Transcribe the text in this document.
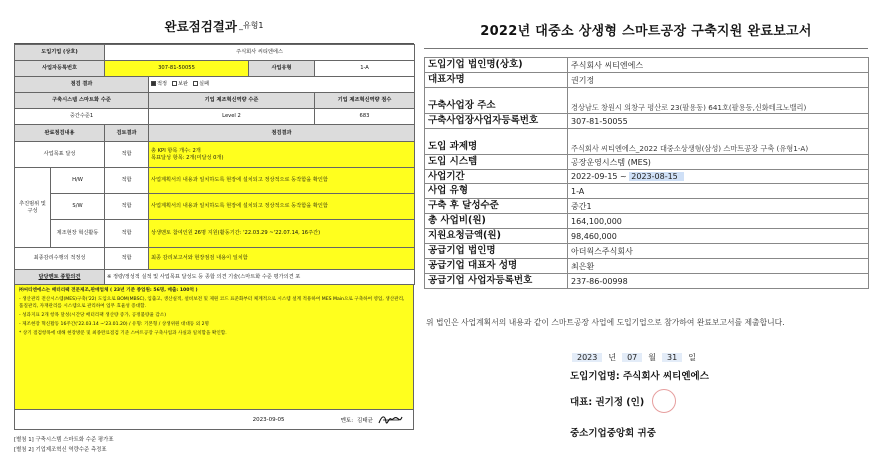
완료점검결과 _유형1
도입기업 (상호)		주식회사 씨티엔에스			
사업자등록번호		307-81-50055		사업유형	1-A
점검 결과			적정 보완 실패		
구축시스템 스마트화 수준			기업 제조혁신역량 수준		기업 제조혁신역량 점수
중간수준1			Level 2		683
완료점검내용		검토결과	점검결과		
사업목표 달성		적합	총 KPI 항목 개수: 2개
목표달성 항목: 2개(미달성 0개)		

추진범위 및 구성	H/W	적합	사업계획서의 내용과 일치하도록 현장에 설치되고 정상적으로 동작함을 확인함		
	S/W	적합	사업계획서의 내용과 일치하도록 현장에 설치되고 정상적으로 동작함을 확인함		
	제조현장 혁신활동	적합	상생멘토 참여인원 26명 지원(활동기간: '22.03.29 ~'22.07.14, 16주간)		
최종감리수행의 적정성		적합	최종 감리보고서와 현장점검 내용이 일치함		
담당멘토 종합의견		※ 정량/정성적 실적 및 사업목표 달성도 등 종합 의견 기술(스마트화 수준 평가의견 포			

㈜씨티엔에스는 배터리팩 전문제조,판매업체 ( 23년 기준 종업원: 56명, 매출: 100억 )

- 생산관리 전산시스템(MES)구축('22) 도입으로 BOM(MBSC), 입출고, 생산실적, 설비보전 및 제원 코드 표준화부터 체계적으로 시스템 설계 적용하여 MES Main으로 구축하여 영업, 생산관리, 품질관리, 자재관리를 시스템으로 관리하여 업무 효율성 증대함.

- 성과지표 2개 항목 달성(시간당 배터리팩 생산량 증가, 공정불량율 감소)

- 제조현장 혁신활동 16주간('22.03.14 ~'23.01.20) / 유형: 기본형 / 상생위원 대대등 외 2명

* 상기 점검항목에 대해 현장방문 및 최종완료점검 기준 스마트공장 구축사업과 사실과 일치함을 확인함.

2023-09-05	멘토: 김태균
[별첨 1] 구축시스템 스마트화 수준 평가표
[별첨 2] 기업제조혁신 역량수준 측정표
2022년 대중소 상생형 스마트공장 구축지원 완료보고서
도입기업 법인명(상호)	주식회사 씨티엔에스
대표자명	권기정
구축사업장 주소	경상남도 창원시 의창구 평산로 23(팔용동) 641호(팔용동,신화테크노밸리)
구축사업장사업자등록번호	307-81-50055
도입 과제명	주식회사 씨티엔에스_2022 대중소상생형(삼성) 스마트공장 구축 (유형1-A)
도입 시스템	공장운영시스템 (MES)
사업기간	2022-09-15 ~ 2023-08-15
사업 유형	1-A
구축 후 달성수준	중간1
총 사업비(원)	164,100,000
지원요청금액(원)	98,460,000
공급기업 법인명	아더웍스주식회사
공급기업 대표자 성명	최은환
공급기업 사업자등록번호	237-86-00998
위 법인은 사업계획서의 내용과 같이 스마트공장 사업에 도입기업으로 참가하여 완료보고서를 제출합니다.
2023 년 07 월 31 일
도입기업명: 주식회사 씨티엔에스
대표: 권기정 (인)
중소기업중앙회 귀중
